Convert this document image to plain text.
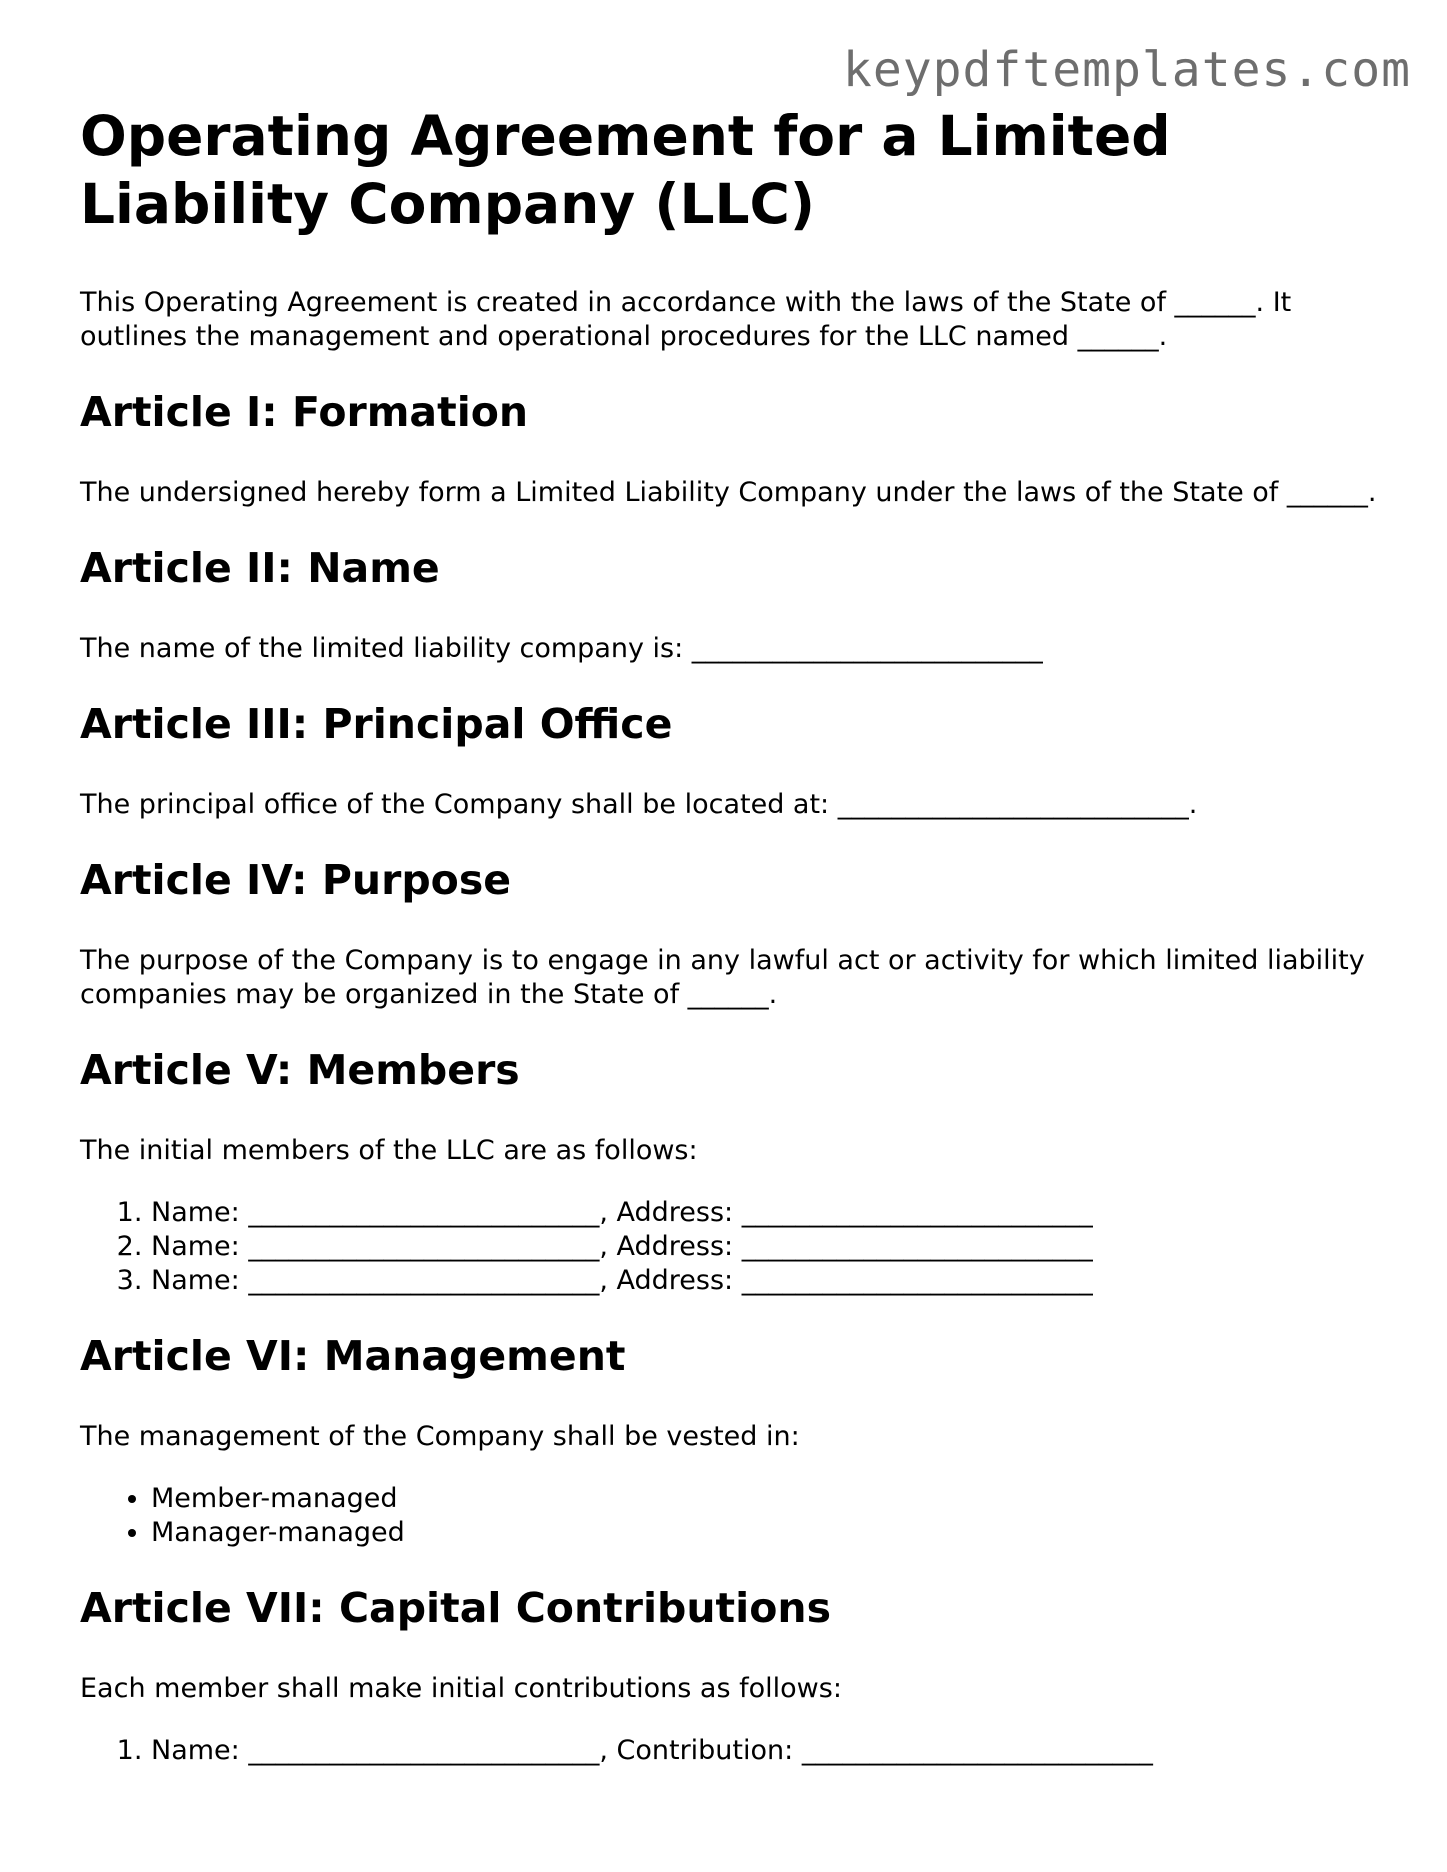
keypdftemplates.com
Operating Agreement for a Limited Liability Company (LLC)

This Operating Agreement is created in accordance with the laws of the State of ______. It outlines the management and operational procedures for the LLC named ______.

Article I: Formation

The undersigned hereby form a Limited Liability Company under the laws of the State of ______.

Article II: Name

The name of the limited liability company is: __________________________

Article III: Principal Office

The principal office of the Company shall be located at: __________________________.

Article IV: Purpose

The purpose of the Company is to engage in any lawful act or activity for which limited liability companies may be organized in the State of ______.

Article V: Members

The initial members of the LLC are as follows:

1. Name: __________________________, Address: __________________________
2. Name: __________________________, Address: __________________________
3. Name: __________________________, Address: __________________________
Article VI: Management

The management of the Company shall be vested in:

• Member-managed
• Manager-managed
Article VII: Capital Contributions

Each member shall make initial contributions as follows:

1. Name: __________________________, Contribution: __________________________
